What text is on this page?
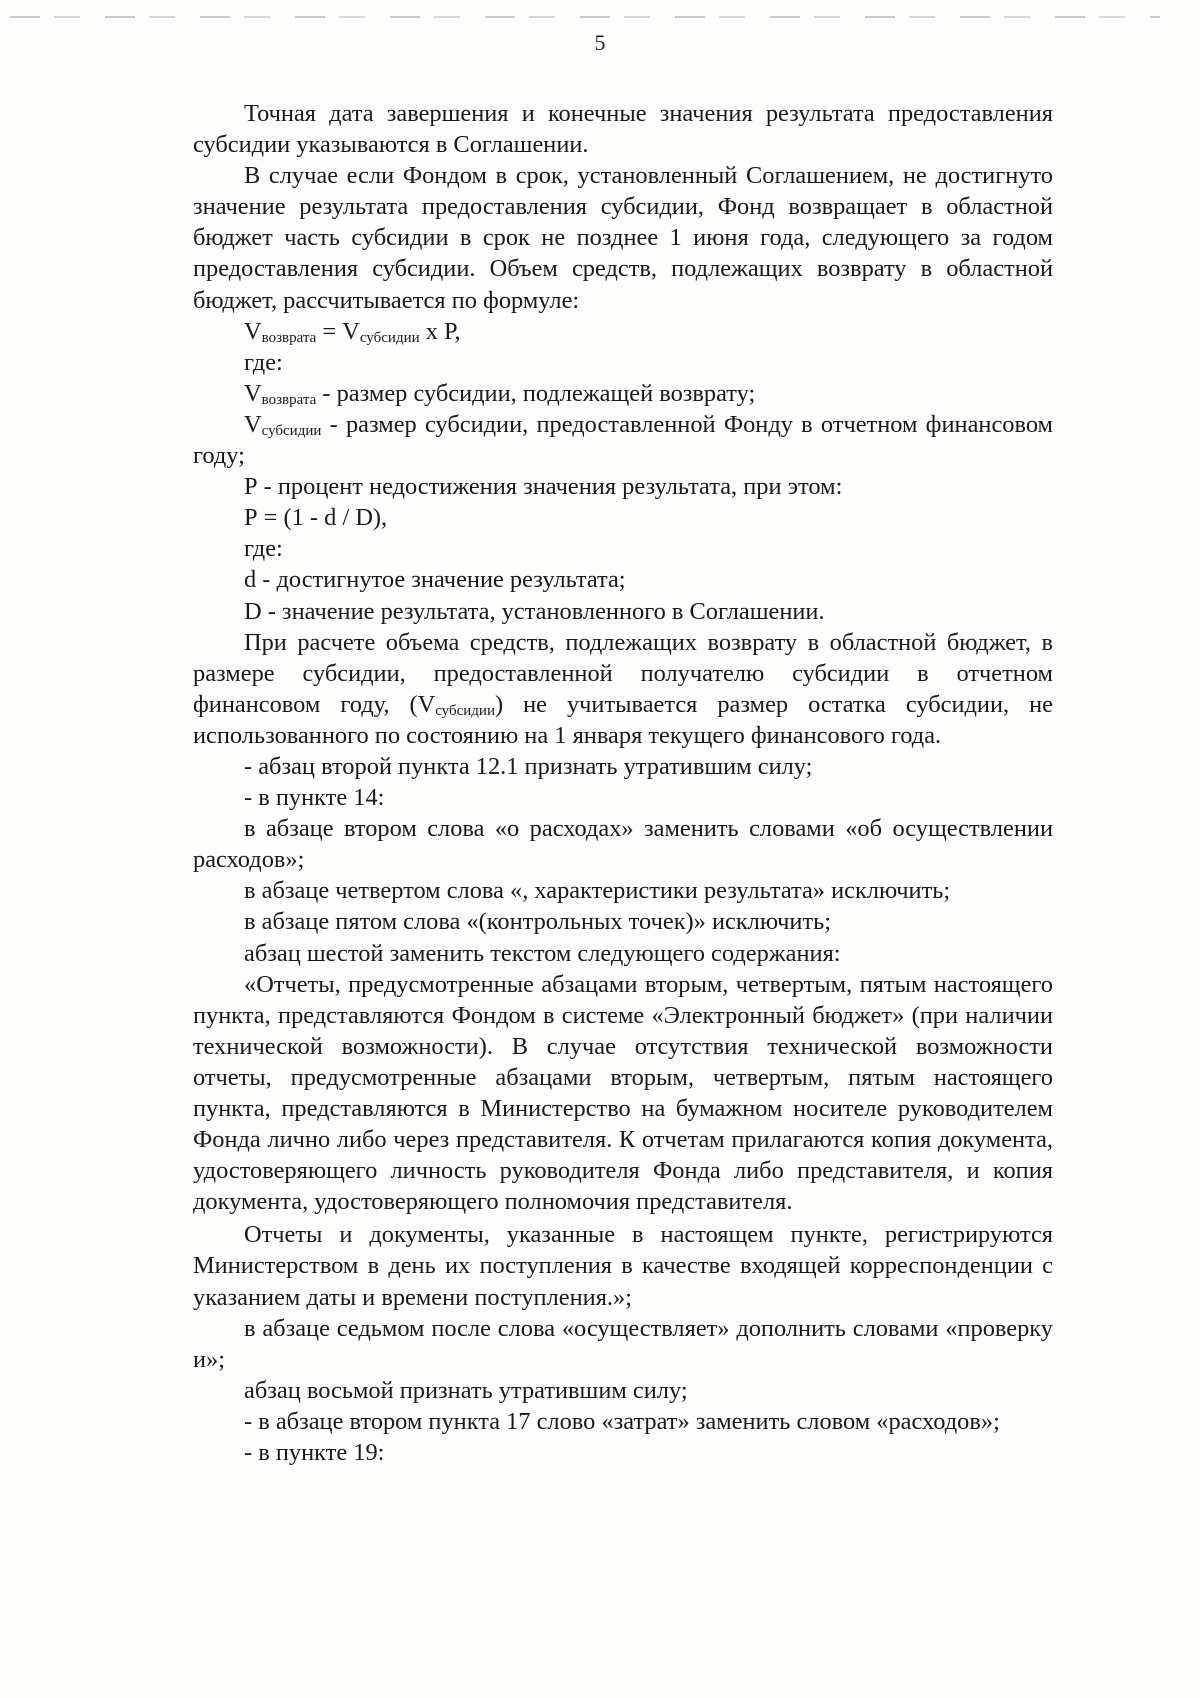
5

Точная дата завершения и конечные значения результата предоставления субсидии указываются в Соглашении.

В случае если Фондом в срок, установленный Соглашением, не достигнуто значение результата предоставления субсидии, Фонд возвращает в областной бюджет часть субсидии в срок не позднее 1 июня года, следующего за годом предоставления субсидии. Объем средств, подлежащих возврату в областной бюджет, рассчитывается по формуле:

$V_{возврата} = V_{субсидии}$ х Р,

где:

$V_{возврата}$ - размер субсидии, подлежащей возврату;

$V_{субсидии}$ - размер субсидии, предоставленной Фонду в отчетном финансовом году;

Р - процент недостижения значения результата, при этом:

Р = (1 - d / D),

где:

d - достигнутое значение результата;

D - значение результата, установленного в Соглашении.

При расчете объема средств, подлежащих возврату в областной бюджет, в размере субсидии, предоставленной получателю субсидии в отчетном финансовом году, $(V_{субсидии})$ не учитывается размер остатка субсидии, не использованного по состоянию на 1 января текущего финансового года.

- абзац второй пункта 12.1 признать утратившим силу;

- в пункте 14:

в абзаце втором слова «о расходах» заменить словами «об осуществлении расходов»;

в абзаце четвертом слова «, характеристики результата» исключить;

в абзаце пятом слова «(контрольных точек)» исключить;

абзац шестой заменить текстом следующего содержания:

«Отчеты, предусмотренные абзацами вторым, четвертым, пятым настоящего пункта, представляются Фондом в системе «Электронный бюджет» (при наличии технической возможности). В случае отсутствия технической возможности отчеты, предусмотренные абзацами вторым, четвертым, пятым настоящего пункта, представляются в Министерство на бумажном носителе руководителем Фонда лично либо через представителя. К отчетам прилагаются копия документа, удостоверяющего личность руководителя Фонда либо представителя, и копия документа, удостоверяющего полномочия представителя.

Отчеты и документы, указанные в настоящем пункте, регистрируются Министерством в день их поступления в качестве входящей корреспонденции с указанием даты и времени поступления.»;

в абзаце седьмом после слова «осуществляет» дополнить словами «проверку и»;

абзац восьмой признать утратившим силу;

- в абзаце втором пункта 17 слово «затрат» заменить словом «расходов»;

- в пункте 19:
